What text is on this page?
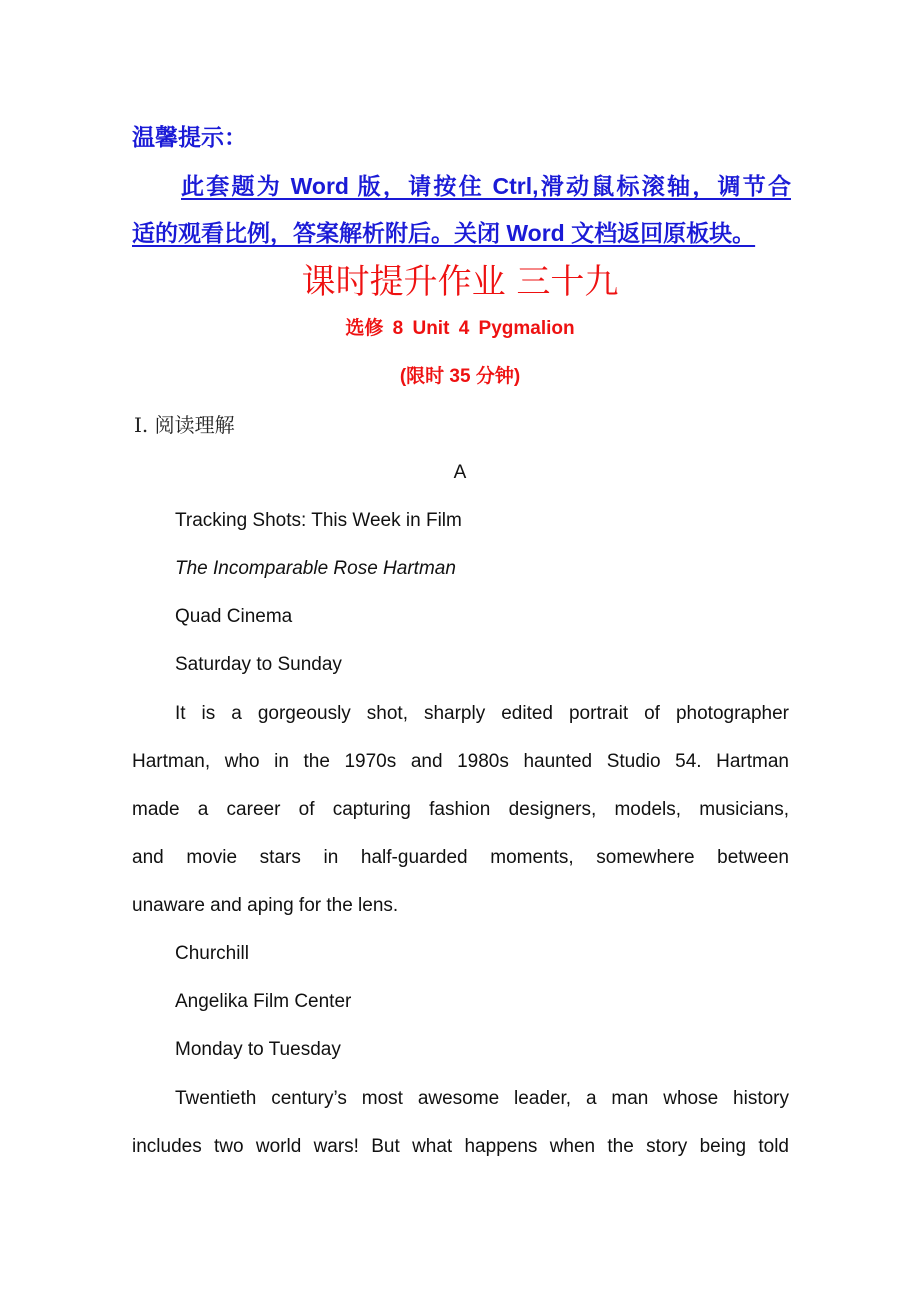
温馨提示：
此套题为 Word 版，请按住 Ctrl,滑动鼠标滚轴，调节合
适的观看比例，答案解析附后。关闭 Word 文档返回原板块。
课时提升作业 三十九
选修 8 Unit 4 Pygmalion
(限时 35 分钟)
Ⅰ. 阅读理解
A
Tracking Shots: This Week in Film
The Incomparable Rose Hartman
Quad Cinema
Saturday to Sunday
It is a gorgeously shot, sharply edited portrait of photographer
Hartman, who in the 1970s and 1980s haunted Studio 54. Hartman
made a career of capturing fashion designers, models, musicians,
and movie stars in half-guarded moments, somewhere between
unaware and aping for the lens.
Churchill
Angelika Film Center
Monday to Tuesday
Twentieth century’s most awesome leader, a man whose history
includes two world wars! But what happens when the story being told
